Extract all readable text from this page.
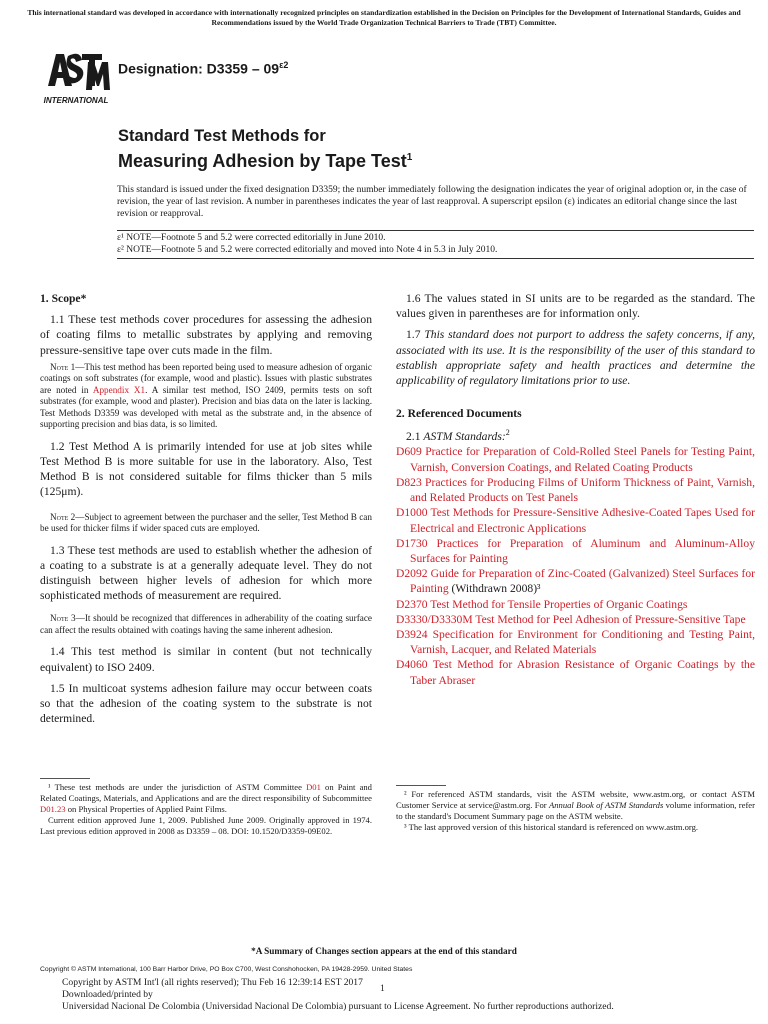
This international standard was developed in accordance with internationally recognized principles on standardization established in the Decision on Principles for the Development of International Standards, Guides and Recommendations issued by the World Trade Organization Technical Barriers to Trade (TBT) Committee.
INTERNATIONAL
Designation: $D3359 - 09^{\varepsilon 2}$
Standard Test Methods for
Measuring Adhesion by Tape Test$^1$
This standard is issued under the fixed designation D3359; the number immediately following the designation indicates the year of original adoption or, in the case of revision, the year of last revision. A number in parentheses indicates the year of last reapproval. A superscript epsilon (ε) indicates an editorial change since the last revision or reapproval.
ε¹ NOTE—Footnote 5 and 5.2 were corrected editorially in June 2010.
ε² NOTE—Footnote 5 and 5.2 were corrected editorially and moved into Note 4 in 5.3 in July 2010.

1. Scope*

1.1 These test methods cover procedures for assessing the adhesion of coating films to metallic substrates by applying and removing pressure-sensitive tape over cuts made in the film.

Note 1—This test method has been reported being used to measure adhesion of organic coatings on soft substrates (for example, wood and plastic). Issues with plastic substrates are noted in Appendix X1. A similar test method, ISO 2409, permits tests on soft substrates (for example, wood and plaster). Precision and bias data on the later is lacking. Test Methods D3359 was developed with metal as the substrate and, in the absence of supporting precision and bias data, is so limited.

1.2 Test Method A is primarily intended for use at job sites while Test Method B is more suitable for use in the laboratory. Also, Test Method B is not considered suitable for films thicker than 5 mils (125μm).

Note 2—Subject to agreement between the purchaser and the seller, Test Method B can be used for thicker films if wider spaced cuts are employed.

1.3 These test methods are used to establish whether the adhesion of a coating to a substrate is at a generally adequate level. They do not distinguish between higher levels of adhesion for which more sophisticated methods of measurement are required.

Note 3—It should be recognized that differences in adherability of the coating surface can affect the results obtained with coatings having the same inherent adhesion.

1.4 This test method is similar in content (but not technically equivalent) to ISO 2409.

1.5 In multicoat systems adhesion failure may occur between coats so that the adhesion of the coating system to the substrate is not determined.

1.6 The values stated in SI units are to be regarded as the standard. The values given in parentheses are for information only.

1.7 This standard does not purport to address the safety concerns, if any, associated with its use. It is the responsibility of the user of this standard to establish appropriate safety and health practices and determine the applicability of regulatory limitations prior to use.

2. Referenced Documents

2.1 ASTM Standards:$^2$

D609 Practice for Preparation of Cold-Rolled Steel Panels for Testing Paint, Varnish, Conversion Coatings, and Related Coating Products

D823 Practices for Producing Films of Uniform Thickness of Paint, Varnish, and Related Products on Test Panels

D1000 Test Methods for Pressure-Sensitive Adhesive-Coated Tapes Used for Electrical and Electronic Applications

D1730 Practices for Preparation of Aluminum and Aluminum-Alloy Surfaces for Painting

D2092 Guide for Preparation of Zinc-Coated (Galvanized) Steel Surfaces for Painting (Withdrawn 2008)³

D2370 Test Method for Tensile Properties of Organic Coatings

D3330/D3330M Test Method for Peel Adhesion of Pressure-Sensitive Tape

D3924 Specification for Environment for Conditioning and Testing Paint, Varnish, Lacquer, and Related Materials

D4060 Test Method for Abrasion Resistance of Organic Coatings by the Taber Abraser

¹ These test methods are under the jurisdiction of ASTM Committee D01 on Paint and Related Coatings, Materials, and Applications and are the direct responsibility of Subcommittee D01.23 on Physical Properties of Applied Paint Films.
Current edition approved June 1, 2009. Published June 2009. Originally approved in 1974. Last previous edition approved in 2008 as D3359 – 08. DOI: 10.1520/D3359-09E02.
² For referenced ASTM standards, visit the ASTM website, www.astm.org, or contact ASTM Customer Service at service@astm.org. For Annual Book of ASTM Standards volume information, refer to the standard's Document Summary page on the ASTM website.
³ The last approved version of this historical standard is referenced on www.astm.org.
*A Summary of Changes section appears at the end of this standard
Copyright © ASTM International, 100 Barr Harbor Drive, PO Box C700, West Conshohocken, PA 19428-2959. United States
Copyright by ASTM Int'l (all rights reserved); Thu Feb 16 12:39:14 EST 2017
Downloaded/printed by
Universidad Nacional De Colombia (Universidad Nacional De Colombia) pursuant to License Agreement. No further reproductions authorized.
1
